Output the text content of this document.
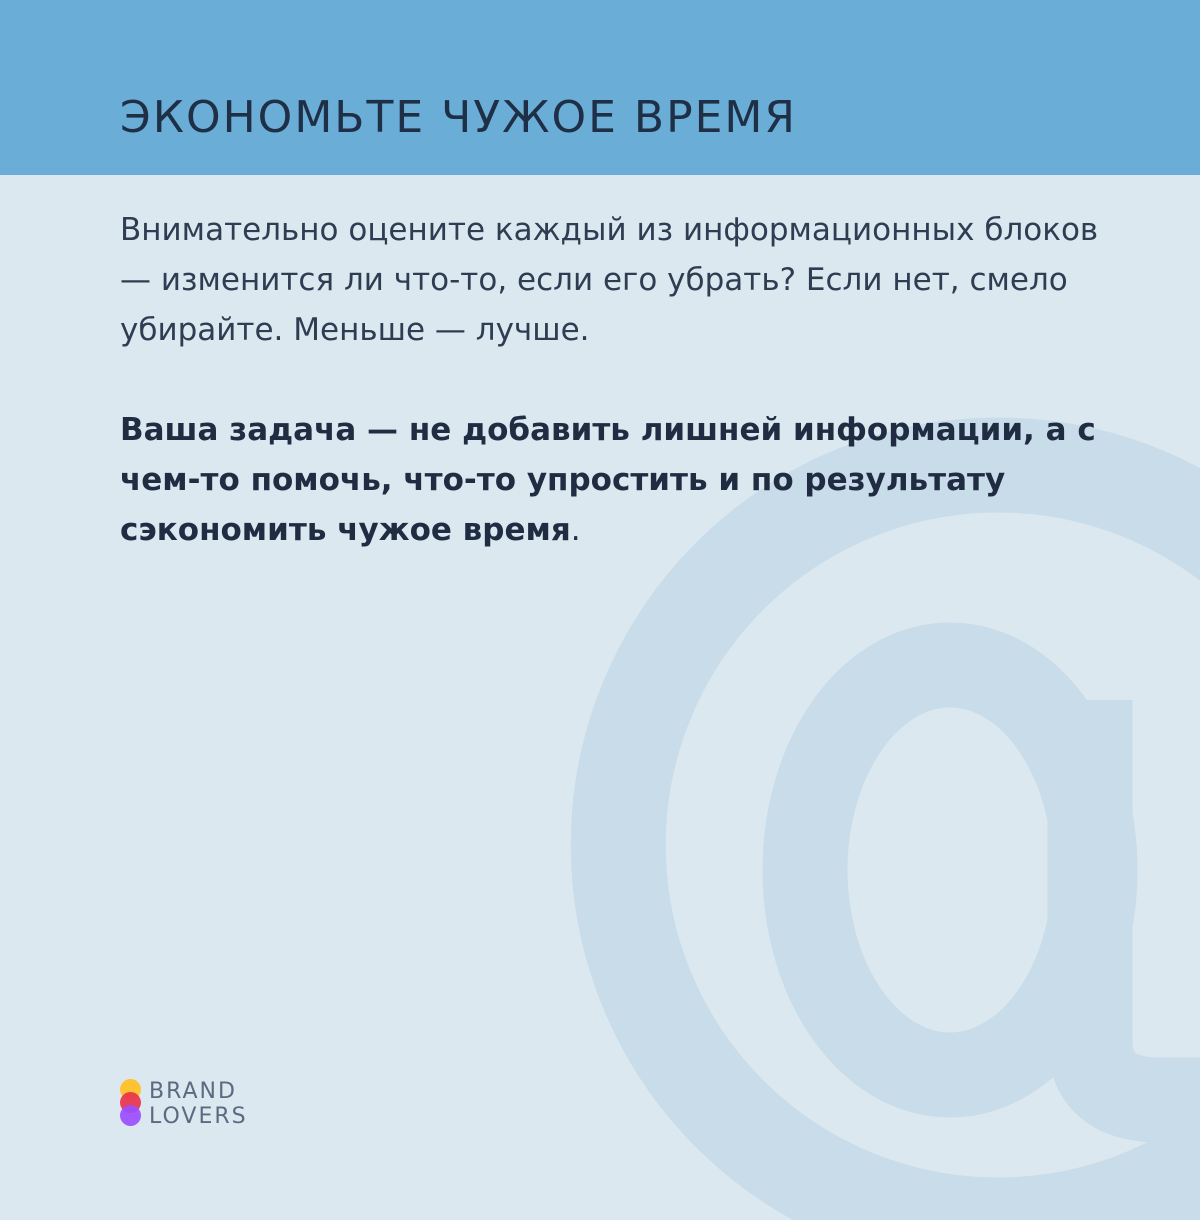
ЭКОНОМЬТЕ ЧУЖОЕ ВРЕМЯ

Внимательно оцените каждый из информационных блоков — изменится ли что-то, если его убрать? Если нет, смело убирайте. Меньше — лучше.

Ваша задача — не добавить лишней информации, а с чем-то помочь, что-то упростить и по результату сэкономить чужое время.

BRAND
LOVERS
